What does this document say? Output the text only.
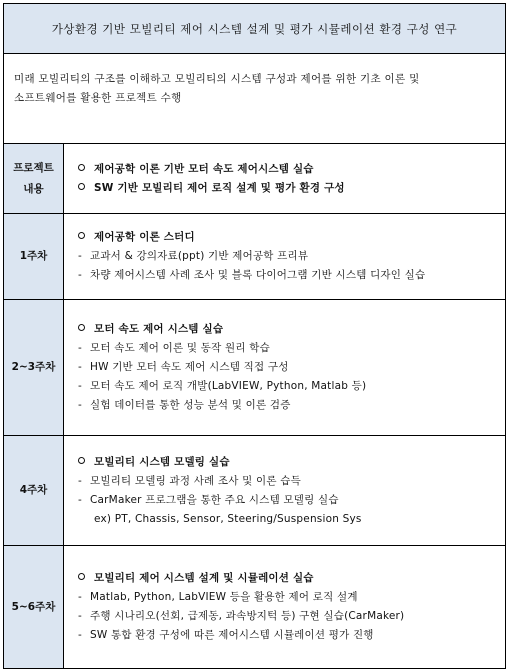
가상환경 기반 모빌리티 제어 시스템 설계 및 평가 시뮬레이션 환경 구성 연구
미래 모빌리티의 구조를 이해하고 모빌리티의 시스템 구성과 제어를 위한 기초 이론 및
소프트웨어를 활용한 프로젝트 수행
프로젝트
내용
제어공학 이론 기반 모터 속도 제어시스템 실습
SW 기반 모빌리티 제어 로직 설계 및 평가 환경 구성
1주차
제어공학 이론 스터디
- 교과서 & 강의자료(ppt) 기반 제어공학 프리뷰
- 차량 제어시스템 사례 조사 및 블록 다이어그램 기반 시스템 디자인 실습
2~3주차
모터 속도 제어 시스템 실습
- 모터 속도 제어 이론 및 동작 원리 학습
- HW 기반 모터 속도 제어 시스템 직접 구성
- 모터 속도 제어 로직 개발(LabVIEW, Python, Matlab 등)
- 실험 데이터를 통한 성능 분석 및 이론 검증
4주차
모빌리티 시스템 모델링 실습
- 모빌리티 모델링 과정 사례 조사 및 이론 습득
- CarMaker 프로그램을 통한 주요 시스템 모델링 실습
ex) PT, Chassis, Sensor, Steering/Suspension Sys
5~6주차
모빌리티 제어 시스템 설계 및 시뮬레이션 실습
- Matlab, Python, LabVIEW 등을 활용한 제어 로직 설계
- 주행 시나리오(선회, 급제동, 과속방지턱 등) 구현 실습(CarMaker)
- SW 통합 환경 구성에 따른 제어시스템 시뮬레이션 평가 진행
